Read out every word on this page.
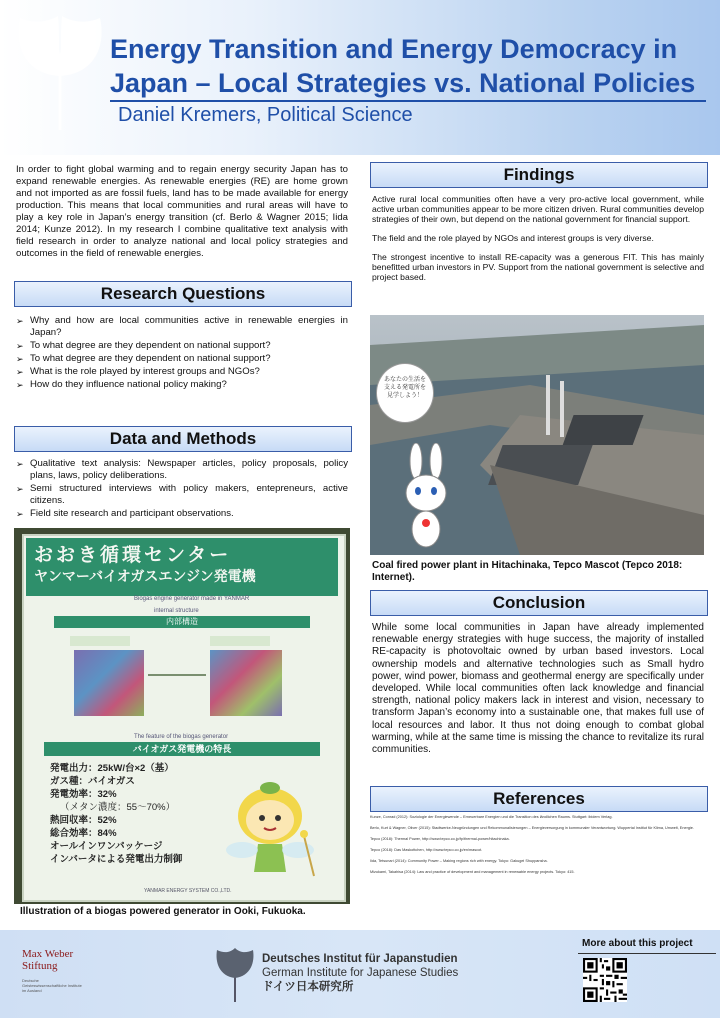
Energy Transition and Energy Democracy in Japan – Local Strategies vs. National Policies
Daniel Kremers, Political Science
In order to fight global warming and to regain energy security Japan has to expand renewable energies. As renewable energies (RE) are home grown and not imported as are fossil fuels, land has to be made available for energy production. This means that local communities and rural areas will have to play a key role in Japan’s energy transition (cf. Berlo & Wagner 2015; Iida 2014; Kunze 2012). In my research I combine qualitative text analysis with field research in order to analyze national and local policy strategies and outcomes in the field of renewable energies.
Research Questions
➢ Why and how are local communities active in renewable energies in Japan?
➢ To what degree are they dependent on national support?
➢ To what degree are they dependent on national support?
➢ What is the role played by interest groups and NGOs?
➢ How do they influence national policy making?
Data and Methods
➢ Qualitative text analysis: Newspaper articles, policy proposals, policy plans, laws, policy deliberations.
➢ Semi structured interviews with policy makers, entepreneurs, active citizens.
➢ Field site research and participant observations.
おおき循環センター
ヤンマーバイオガスエンジン発電機
Biogas engine generator made in YANMAR
internal structure
内部構造
The feature of the biogas generator
バイオガス発電機の特長
発電出力：25kW/台×2（基）
ガス種：バイオガス
発電効率：32%
（メタン濃度：55〜70%）
熱回収率：52%
総合効率：84%
オールインワンパッケージ
インバータによる発電出力制御
YANMAR ENERGY SYSTEM CO.,LTD.
Illustration of a biogas powered generator in Ooki, Fukuoka.
Findings

Active rural local communities often have a very pro-active local government, while active urban communities appear to be more citizen driven. Rural communities develop strategies of their own, but depend on the national government for financial support.

The field and the role played by NGOs and interest groups is very diverse.

The strongest incentive to install RE-capacity was a generous FIT. This has mainly benefitted urban investors in PV. Support from the national government is selective and project based.

あなたの生活を支える発電所を見学しよう！
Coal fired power plant in Hitachinaka, Tepco Mascot (Tepco 2018: Internet).
Conclusion
While some local communities in Japan have already implemented renewable energy strategies with huge success, the majority of installed RE-capacity is photovoltaic owned by urban based investors. Local ownership models and alternative technologies such as Small hydro power, wind power, biomass and geothermal energy are specifically under developed. While local communities often lack knowledge and financial strength, national policy makers lack in interest and vision, necessary to transform Japan’s economy into a sustainable one, that makes full use of local resources and labor. It thus not doing enough to combat global warming, while at the same time is missing the chance to revitalize its rural communities.
References

Kunze, Conrad (2012): Soziologie der Energiewende – Erneuerbare Energien und die Transition des ländlichen Raums. Stuttgart: ibidem Verlag.

Berlo, Kurt & Wagner, Oliver (2015): Stadtwerke-Neugründungen und Rekommunalisierungen – Energieversorgung in kommunaler Verantwortung. Wuppertal Institut für Klima, Umwelt, Energie.

Tepco (2018): Thermal Power, http://www.tepco.co.jp/fp/thermal-power/hitachinaka.

Tepco (2018): Das Maskottchen, http://www.tepco.co.jp/en/mascot.

Iida, Tetsunari (2014): Community Power – Making regions rich with energy. Tokyo: Gakugei Shuppansha.

Mizukami, Takahisa (2014): Law and practice of development and management in renewable energy projects. Tokyo: 415.

Max Weber Stiftung
Deutsche Geisteswissenschaftliche Institute im Ausland
Deutsches Institut für Japanstudien
German Institute for Japanese Studies
ドイツ日本研究所
More about this project
